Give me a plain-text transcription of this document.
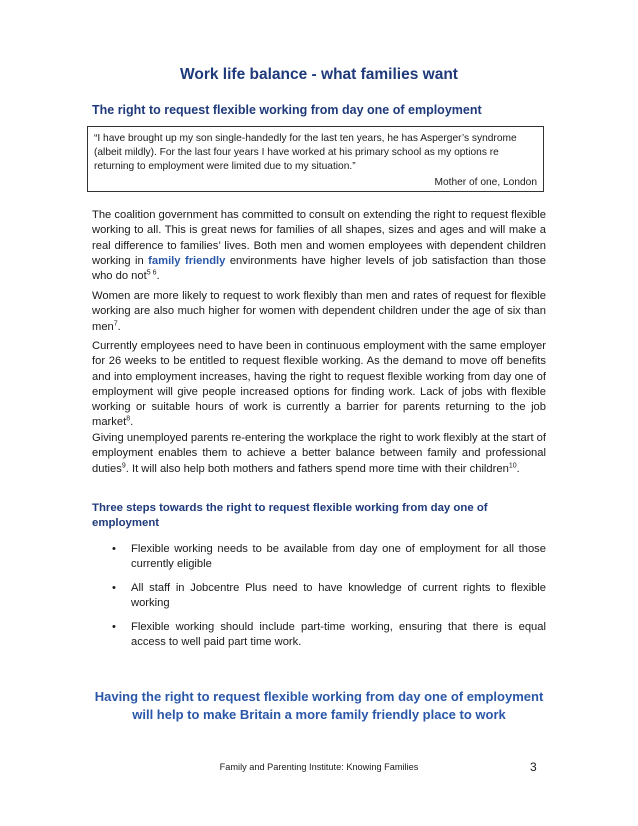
Work life balance - what families want
The right to request flexible working from day one of employment

“I have brought up my son single-handedly for the last ten years, he has Asperger’s syndrome (albeit mildly). For the last four years I have worked at his primary school as my options re returning to employment were limited due to my situation.”

Mother of one, London

The coalition government has committed to consult on extending the right to request flexible working to all. This is great news for families of all shapes, sizes and ages and will make a real difference to families’ lives. Both men and women employees with dependent children working in family friendly environments have higher levels of job satisfaction than those who do not$^{5 6}$.

Women are more likely to request to work flexibly than men and rates of request for flexible working are also much higher for women with dependent children under the age of six than men$^7$.

Currently employees need to have been in continuous employment with the same employer for 26 weeks to be entitled to request flexible working. As the demand to move off benefits and into employment increases, having the right to request flexible working from day one of employment will give people increased options for finding work. Lack of jobs with flexible working or suitable hours of work is currently a barrier for parents returning to the job market$^8$.

Giving unemployed parents re-entering the workplace the right to work flexibly at the start of employment enables them to achieve a better balance between family and professional duties$^9$. It will also help both mothers and fathers spend more time with their children$^{10}$.

Three steps towards the right to request flexible working from day one of employment
• Flexible working needs to be available from day one of employment for all those currently eligible
• All staff in Jobcentre Plus need to have knowledge of current rights to flexible working
• Flexible working should include part-time working, ensuring that there is equal access to well paid part time work.
Having the right to request flexible working from day one of employment will help to make Britain a more family friendly place to work
Family and Parenting Institute: Knowing Families	3
